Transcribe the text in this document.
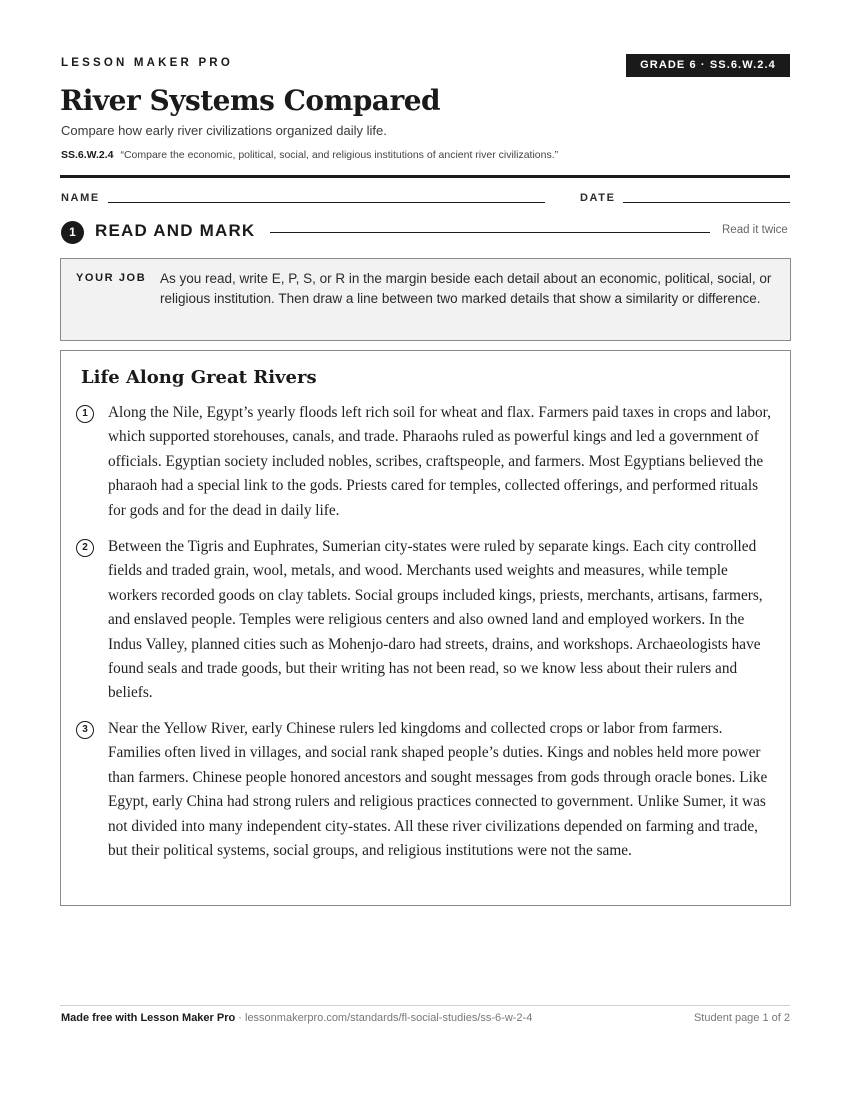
LESSON MAKER PRO	GRADE 6 · SS.6.W.2.4
River Systems Compared
Compare how early river civilizations organized daily life.
SS.6.W.2.4 “Compare the economic, political, social, and religious institutions of ancient river civilizations.”
NAME	DATE
1	READ AND MARK	Read it twice
YOUR JOB As you read, write E, P, S, or R in the margin beside each detail about an economic, political, social, or religious institution. Then draw a line between two marked details that show a similarity or difference.
Life Along Great Rivers
1	Along the Nile, Egypt’s yearly floods left rich soil for wheat and flax. Farmers paid taxes in crops and labor, which supported storehouses, canals, and trade. Pharaohs ruled as powerful kings and led a government of officials. Egyptian society included nobles, scribes, craftspeople, and farmers. Most Egyptians believed the pharaoh had a special link to the gods. Priests cared for temples, collected offerings, and performed rituals for gods and for the dead in daily life.

2	Between the Tigris and Euphrates, Sumerian city-states were ruled by separate kings. Each city controlled fields and traded grain, wool, metals, and wood. Merchants used weights and measures, while temple workers recorded goods on clay tablets. Social groups included kings, priests, merchants, artisans, farmers, and enslaved people. Temples were religious centers and also owned land and employed workers. In the Indus Valley, planned cities such as Mohenjo-daro had streets, drains, and workshops. Archaeologists have found seals and trade goods, but their writing has not been read, so we know less about their rulers and beliefs.

3	Near the Yellow River, early Chinese rulers led kingdoms and collected crops or labor from farmers. Families often lived in villages, and social rank shaped people’s duties. Kings and nobles held more power than farmers. Chinese people honored ancestors and sought messages from gods through oracle bones. Like Egypt, early China had strong rulers and religious practices connected to government. Unlike Sumer, it was not divided into many independent city-states. All these river civilizations depended on farming and trade, but their political systems, social groups, and religious institutions were not the same.

Made free with Lesson Maker Pro · lessonmakerpro.com/standards/fl-social-studies/ss-6-w-2-4	Student page 1 of 2
